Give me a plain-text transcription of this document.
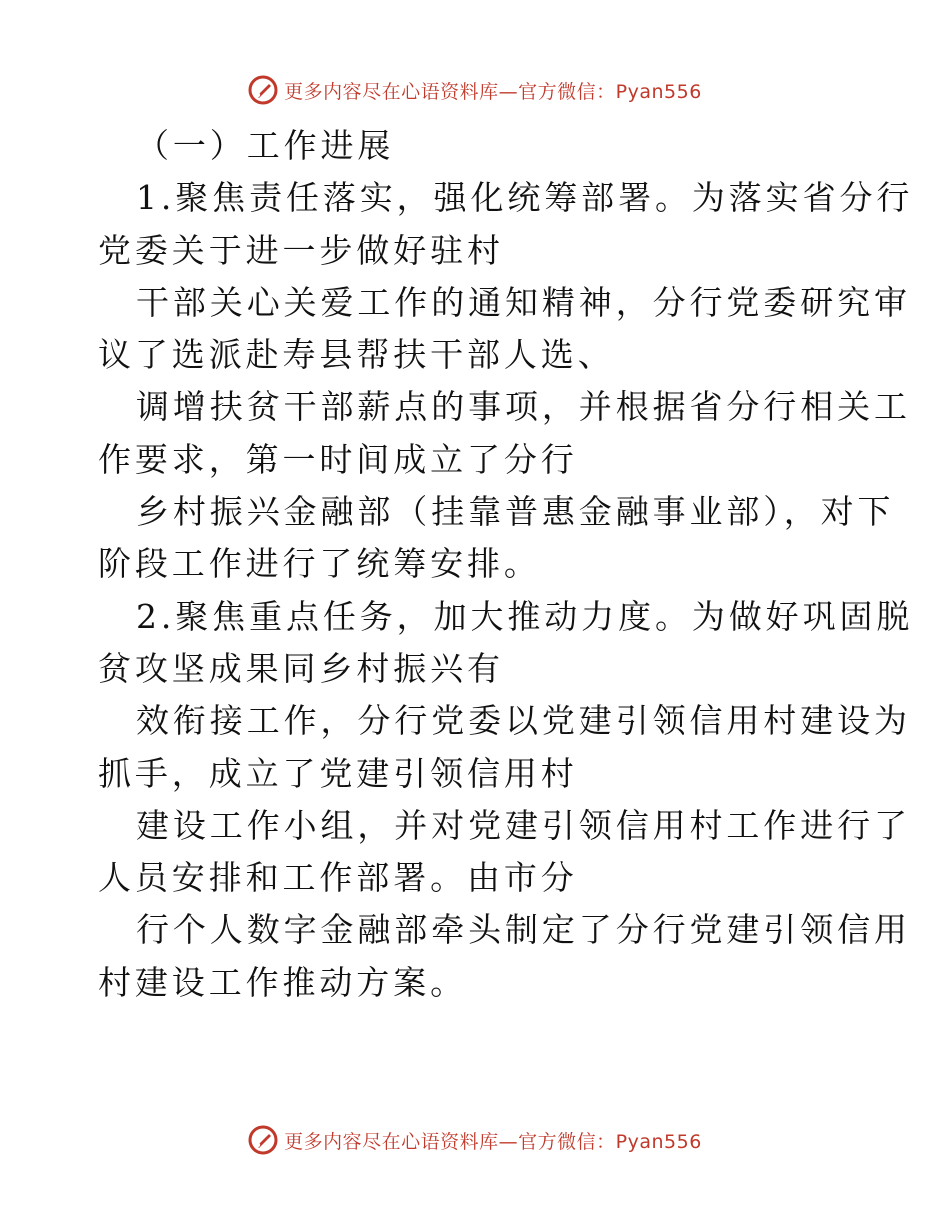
更多内容尽在心语资料库—官方微信：Pyan556
（一）工作进展
1.聚焦责任落实，强化统筹部署。为落实省分行
党委关于进一步做好驻村
干部关心关爱工作的通知精神，分行党委研究审
议了选派赴寿县帮扶干部人选、
调增扶贫干部薪点的事项，并根据省分行相关工
作要求，第一时间成立了分行
乡村振兴金融部（挂靠普惠金融事业部），对下
阶段工作进行了统筹安排。
2.聚焦重点任务，加大推动力度。为做好巩固脱
贫攻坚成果同乡村振兴有
效衔接工作，分行党委以党建引领信用村建设为
抓手，成立了党建引领信用村
建设工作小组，并对党建引领信用村工作进行了
人员安排和工作部署。由市分
行个人数字金融部牵头制定了分行党建引领信用
村建设工作推动方案。
更多内容尽在心语资料库—官方微信：Pyan556
